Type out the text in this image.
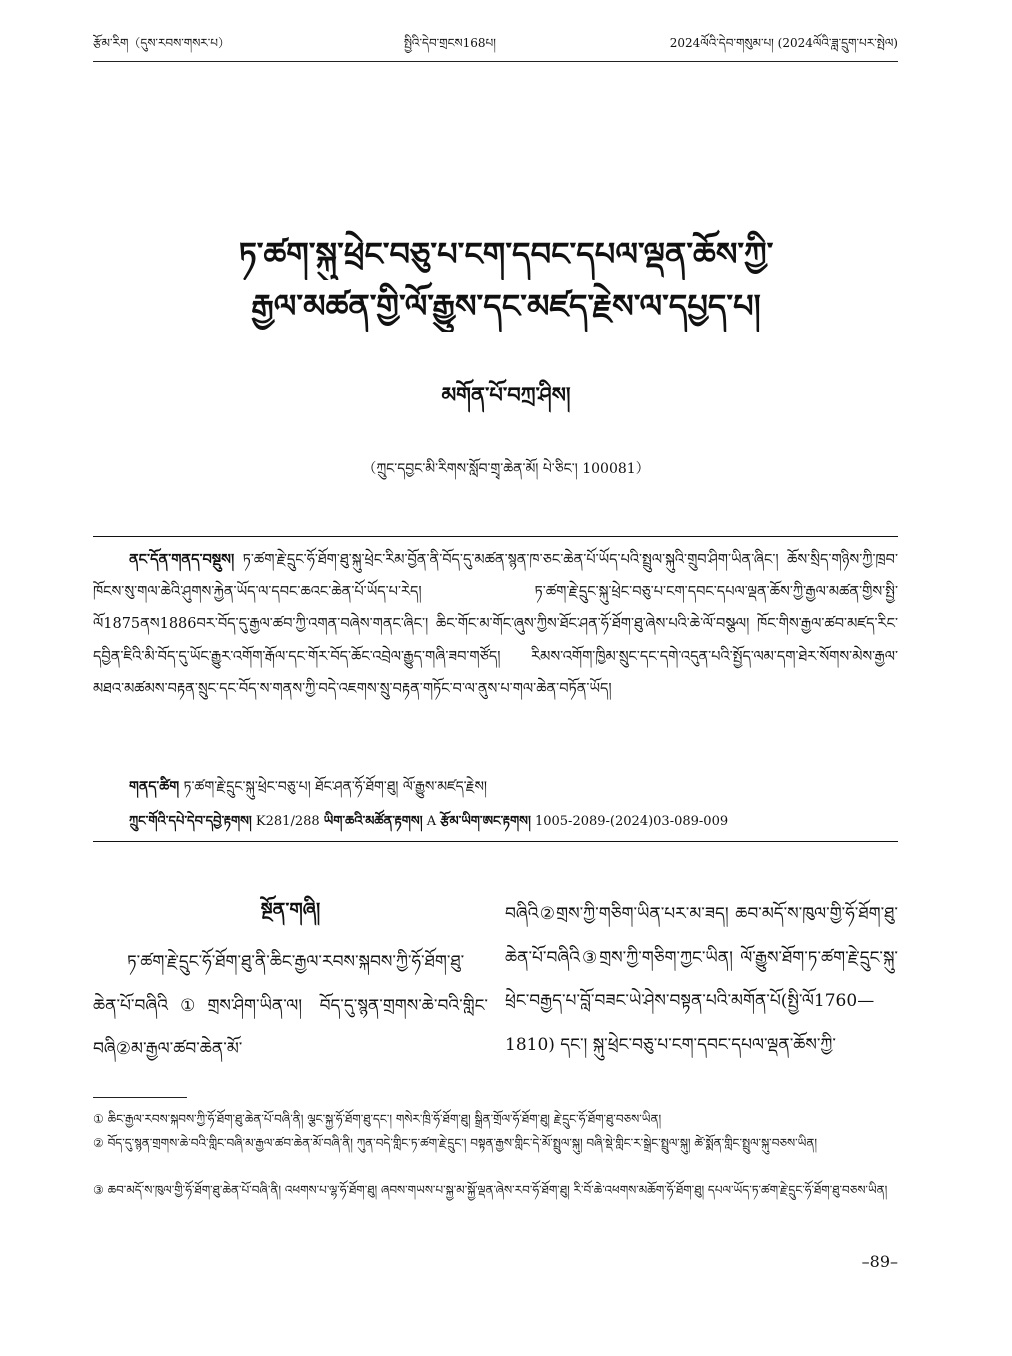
རྩོམ་རིག（དུས་རབས་གསར་པ）	སྤྱིའི་དེབ་གྲངས168པ།	2024ལོའི་དེབ་གསུམ་པ། (2024ལོའི་ཟླ་དྲུག་པར་སྤེལ)
ཏ་ཚག་སྐུ་ཕྲེང་བཅུ་པ་ངག་དབང་དཔལ་ལྡན་ཆོས་ཀྱི་
རྒྱལ་མཚན་གྱི་ལོ་རྒྱུས་དང་མཛད་རྗེས་ལ་དཔྱད་པ།
མགོན་པོ་བཀྲ་ཤིས།
（ཀྲུང་དབྱང་མི་རིགས་སློབ་གྲྭ་ཆེན་མོ། པེ་ཅིང་། 100081）
ནང་དོན་གནད་བསྡུས། ཏ་ཚག་རྗེ་དྲུང་ཧོ་ཐོག་ཐུ་སྐུ་ཕྲེང་རིམ་བྱོན་ནི་བོད་དུ་མཚན་སྙན་ཁ་ཅང་ཆེན་པོ་ཡོད་པའི་སྤྲུལ་སྐུའི་གྲུབ་ཤིག་ཡིན་ཞིང་། ཆོས་སྲིད་གཉིས་ཀྱི་ཁྲབ་ཁོངས་སུ་གལ་ཆེའི་ཤུགས་རྐྱེན་ཡོད་ལ་དབང་ཆའང་ཆེན་པོ་ཡོད་པ་རེད། ཏ་ཚག་རྗེ་དྲུང་སྐུ་ཕྲེང་བཅུ་པ་ངག་དབང་དཔལ་ལྡན་ཆོས་ཀྱི་རྒྱལ་མཚན་གྱིས་སྤྱི་ལོ1875ནས1886བར་བོད་དུ་རྒྱལ་ཚབ་ཀྱི་འགན་བཞེས་གནང་ཞིང་། ཆིང་གོང་མ་གོང་ཞུས་ཀྱིས་ཐོང་ཤན་ཧོ་ཐོག་ཐུ་ཞེས་པའི་ཆེ་ལོ་བསྩལ། ཁོང་གིས་རྒྱལ་ཚབ་མཛད་རིང་དབྱིན་ཇིའི་མི་བོད་དུ་ཡོང་རྒྱུར་འགོག་རྒོལ་དང་གོར་བོད་ཆོང་འབྲེལ་རྒྱུད་གཞི་ཟབ་གཙོད། རིམས་འགོག་ཁྱིམ་སྲུང་དང་དགེ་འདུན་པའི་སྤྱོད་ལམ་དག་ཐེར་སོགས་མེས་རྒྱལ་མཐའ་མཚམས་བརྟན་སྲུང་དང་བོད་ས་གནས་ཀྱི་བདེ་འཇགས་སྲུ་བརྟན་གཏོང་བ་ལ་ནུས་པ་གལ་ཆེན་བཏོན་ཡོད།
གནད་ཚིག ཏ་ཚག་རྗེ་དྲུང་སྐུ་ཕྲེང་བཅུ་པ། ཐོང་ཤན་ཧོ་ཐོག་ཐུ། ལོ་རྒྱུས་མཛད་རྗེས།
ཀྲུང་གོའི་དཔེ་དེབ་དབྱེ་རྟགས། K281/288 ཡིག་ཆའི་མཚོན་རྟགས། A རྩོམ་ཡིག་ཨང་རྟགས། 1005-2089-(2024)03-089-009
སྔོན་གཞི།
ཏ་ཚག་རྗེ་དྲུང་ཧོ་ཐོག་ཐུ་ནི་ཆིང་རྒྱལ་རབས་སྐབས་ཀྱི་ཧོ་ཐོག་ཐུ་ཆེན་པོ་བཞིའི①གྲས་ཤིག་ཡིན་ལ། བོད་དུ་སྙན་གྲགས་ཆེ་བའི་གླིང་བཞི②མ་རྒྱལ་ཚབ་ཆེན་མོ་
བཞིའི②གྲས་ཀྱི་གཅིག་ཡིན་པར་མ་ཟད། ཆབ་མདོ་ས་ཁུལ་གྱི་ཧོ་ཐོག་ཐུ་ཆེན་པོ་བཞིའི③གྲས་ཀྱི་གཅིག་ཀྱང་ཡིན། ལོ་རྒྱུས་ཐོག་ཏ་ཚག་རྗེ་དྲུང་སྐུ་ཕྲེང་བརྒྱད་པ་བློ་བཟང་ཡེ་ཤེས་བསྟན་པའི་མགོན་པོ(སྤྱི་ལོ1760—1810) དང་། སྐུ་ཕྲེང་བཅུ་པ་ངག་དབང་དཔལ་ལྡན་ཆོས་ཀྱི་
① ཆིང་རྒྱལ་རབས་སྐབས་ཀྱི་ཧོ་ཐོག་ཐུ་ཆེན་པོ་བཞི་ནི། ལྕང་སྐྱ་ཧོ་ཐོག་ཐུ་དང་། གསེར་ཁྲི་ཧོ་ཐོག་ཐུ། སྒྲིན་གྲོལ་ཧོ་ཐོག་ཐུ། རྗེ་དྲུང་ཧོ་ཐོག་ཐུ་བཅས་ཡིན།
② བོད་དུ་སྙན་གྲགས་ཆེ་བའི་གླིང་བཞི་མ་རྒྱལ་ཚབ་ཆེན་མོ་བཞི་ནི། ཀུན་བདེ་གླིང་ཏ་ཚག་རྗེ་དྲུང་། བསྟན་རྒྱས་གླིང་དེ་མོ་སྤྲུལ་སྐུ། བཞི་སྡེ་གླིང་ར་སྒྲེང་སྤྲུལ་སྐུ། ཚེ་སྨོན་གླིང་སྤྲུལ་སྐུ་བཅས་ཡིན།
③ ཆབ་མདོ་ས་ཁུལ་གྱི་ཧོ་ཐོག་ཐུ་ཆེན་པོ་བཞི་ནི། འཕགས་པ་ལྷ་ཧོ་ཐོག་ཐུ། ཞབས་གཡས་པ་སྐྱ་མ་སྐྱོ་ལྡན་ཞེས་རབ་ཧོ་ཐོག་ཐུ། རི་བོ་ཆེ་འཕགས་མཆོག་ཧོ་ཐོག་ཐུ། དཔལ་ཡོད་ཏ་ཚག་རྗེ་དྲུང་ཧོ་ཐོག་ཐུ་བཅས་ཡིན།
–89–
